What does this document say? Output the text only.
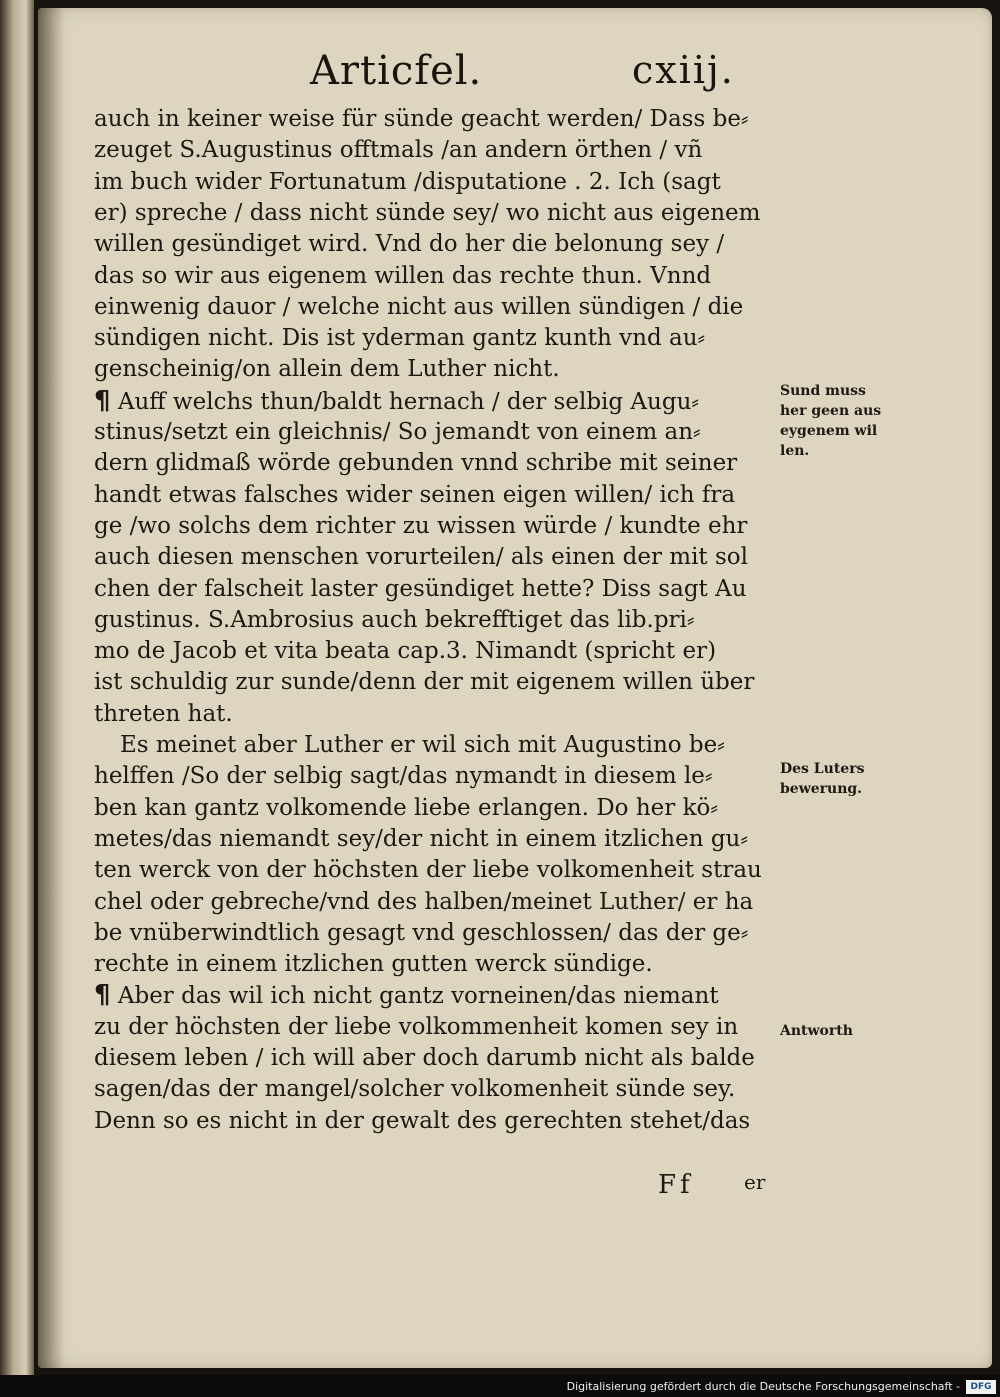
Articfel.	cxiij.
auch in keiner weise für sünde geacht werden/ Dass be⸗
zeuget S.Augustinus offtmals /an andern örthen / vñ
im buch wider Fortunatum /disputatione . 2. Ich (sagt
er) spreche / dass nicht sünde sey/ wo nicht aus eigenem
willen gesündiget wird. Vnd do her die belonung sey /
das so wir aus eigenem willen das rechte thun. Vnnd
einwenig dauor / welche nicht aus willen sündigen / die
sündigen nicht. Dis ist yderman gantz kunth vnd au⸗
genscheinig/on allein dem Luther nicht.
¶ Auff welchs thun/baldt hernach / der selbig Augu⸗
stinus/setzt ein gleichnis/ So jemandt von einem an⸗
dern glidmaß wörde gebunden vnnd schribe mit seiner
handt etwas falsches wider seinen eigen willen/ ich fra
ge /wo solchs dem richter zu wissen würde / kundte ehr
auch diesen menschen vorurteilen/ als einen der mit sol
chen der falscheit laster gesündiget hette? Diss sagt Au
gustinus. S.Ambrosius auch bekrefftiget das lib.pri⸗
mo de Jacob et vita beata cap.3. Nimandt (spricht er)
ist schuldig zur sunde/denn der mit eigenem willen über
threten hat.
Es meinet aber Luther er wil sich mit Augustino be⸗
helffen /So der selbig sagt/das nymandt in diesem le⸗
ben kan gantz volkomende liebe erlangen. Do her kö⸗
metes/das niemandt sey/der nicht in einem itzlichen gu⸗
ten werck von der höchsten der liebe volkomenheit strau
chel oder gebreche/vnd des halben/meinet Luther/ er ha
be vnüberwindtlich gesagt vnd geschlossen/ das der ge⸗
rechte in einem itzlichen gutten werck sündige.
¶ Aber das wil ich nicht gantz vorneinen/das niemant
zu der höchsten der liebe volkommenheit komen sey in
diesem leben / ich will aber doch darumb nicht als balde
sagen/das der mangel/solcher volkomenheit sünde sey.
Denn so es nicht in der gewalt des gerechten stehet/das
Sund muss
her geen aus
eygenem wil
len.
Des Luters
bewerung.
Antworth
Ff	er
Digitalisierung gefördert durch die Deutsche Forschungsgemeinschaft -	DFG
